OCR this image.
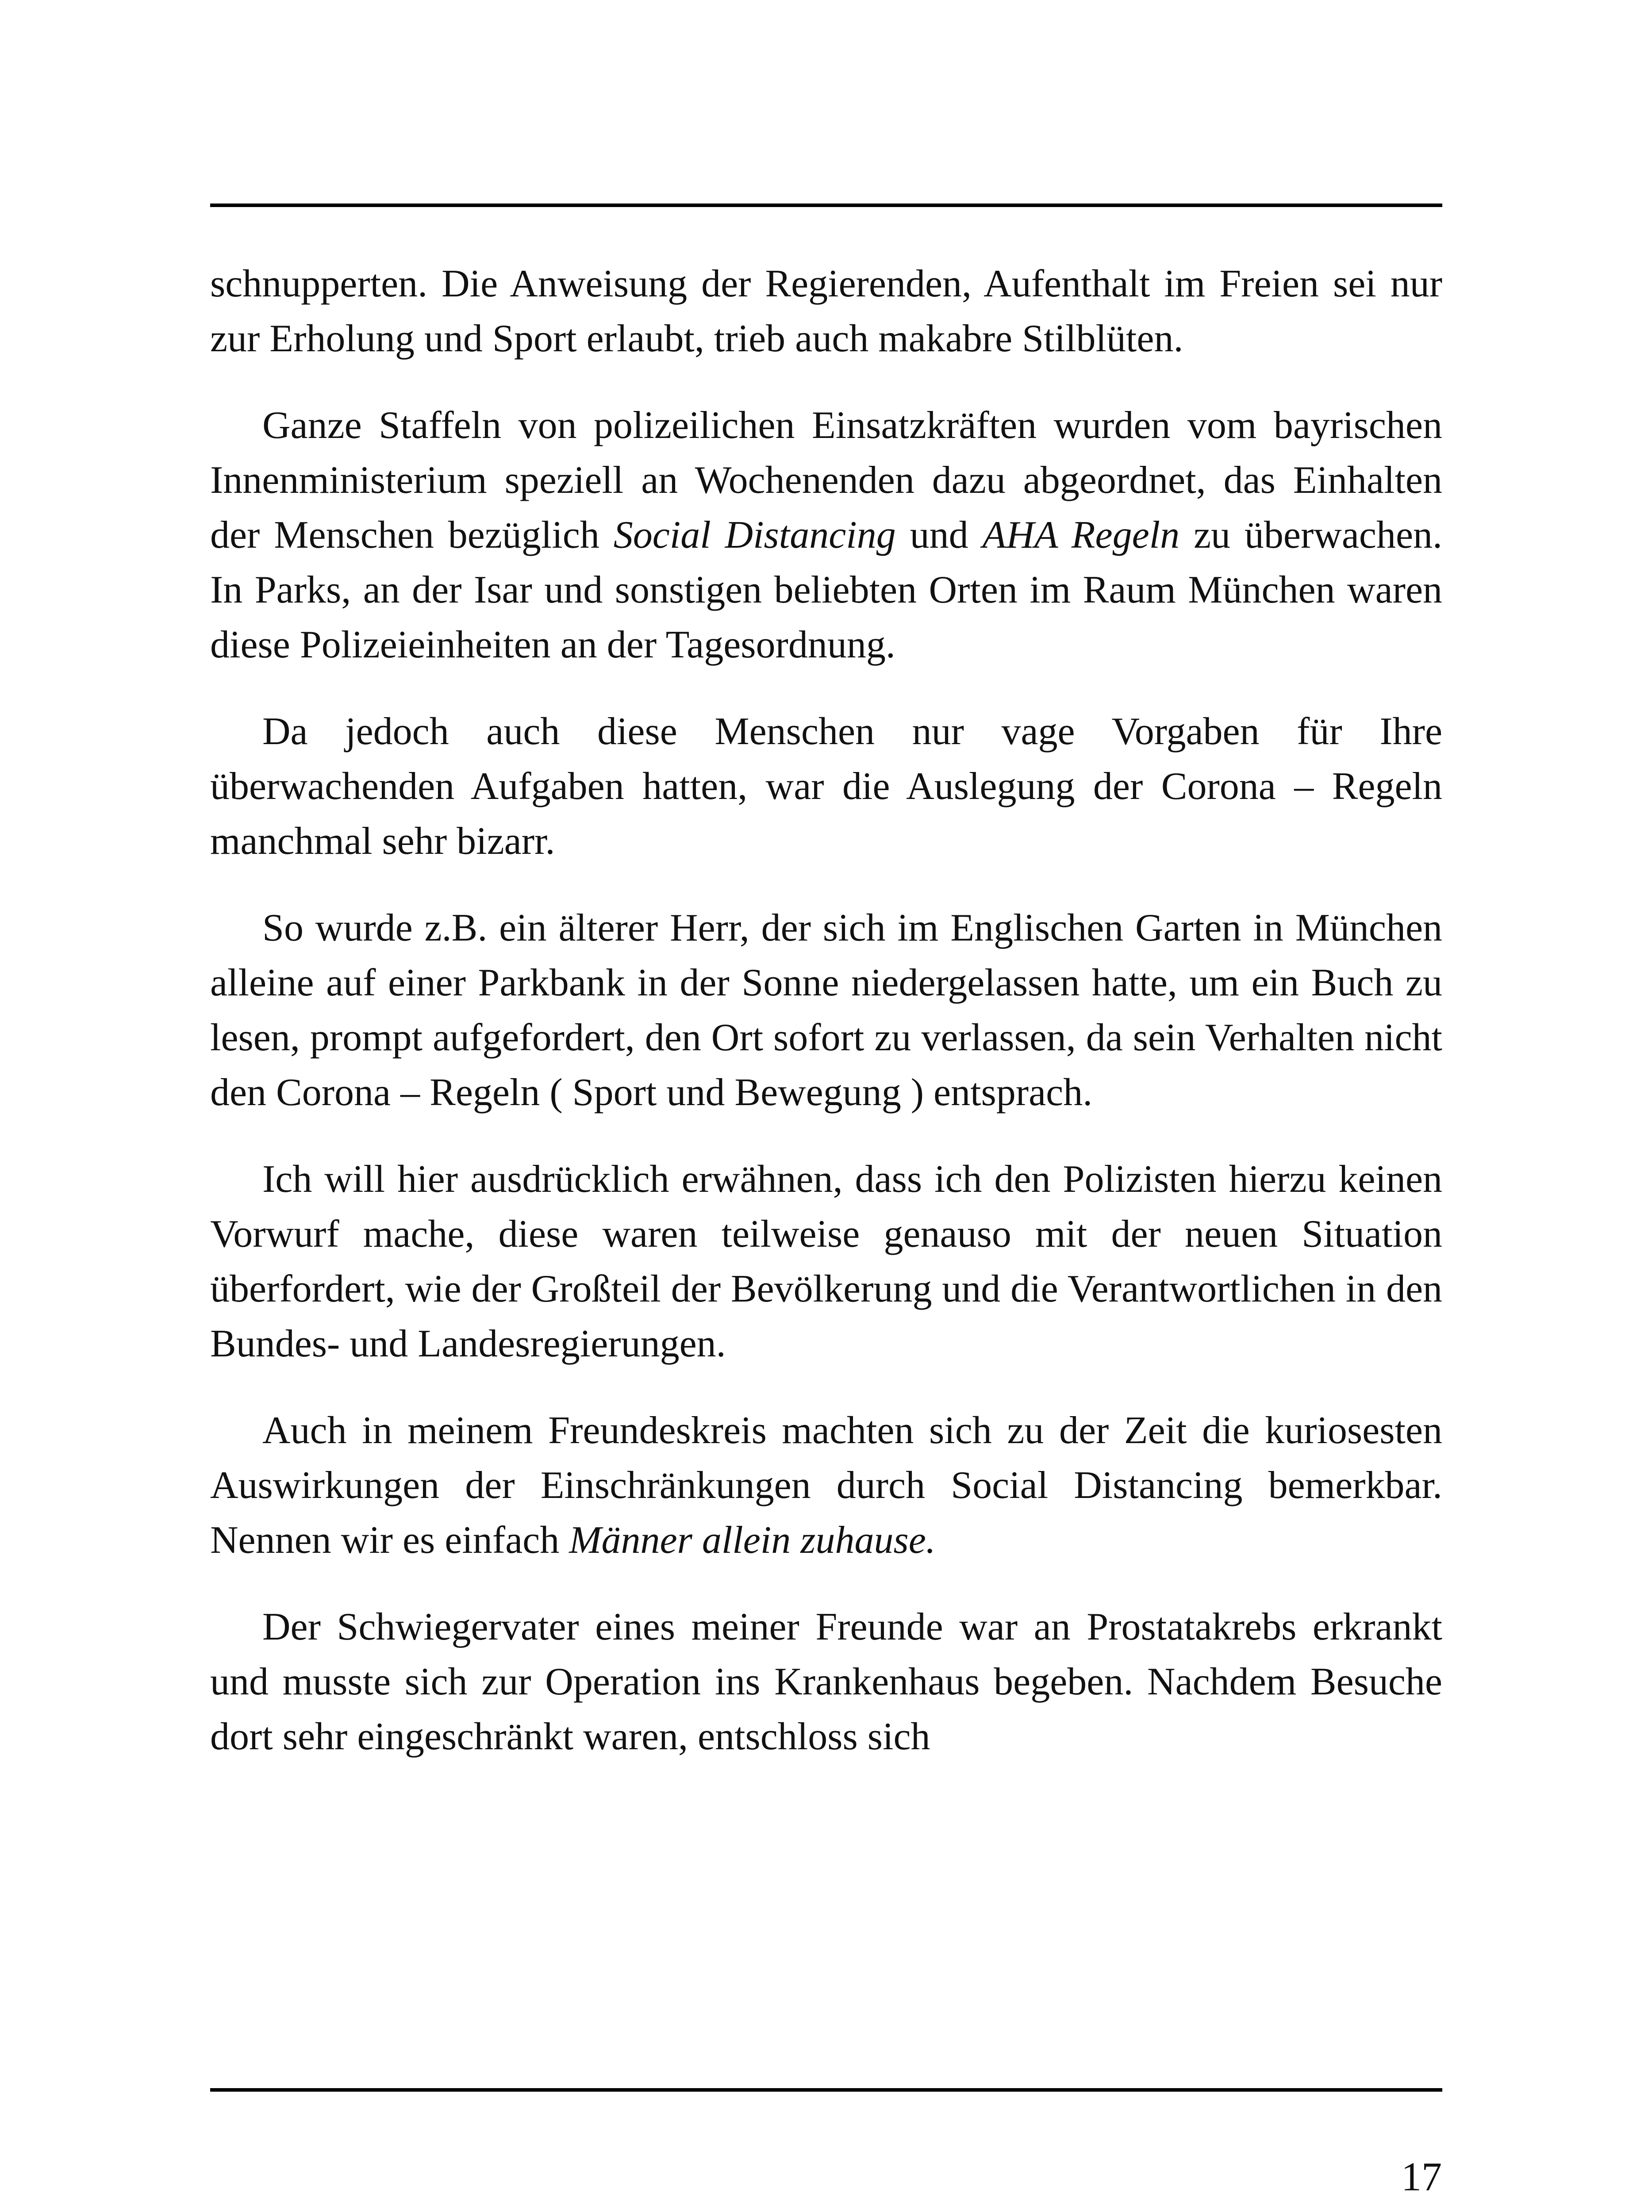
schnupperten. Die Anweisung der Regierenden, Aufenthalt im Freien sei nur zur Erholung und Sport erlaubt, trieb auch makabre Stilblüten.

Ganze Staffeln von polizeilichen Einsatzkräften wurden vom bayrischen Innenministerium speziell an Wochenenden dazu abgeordnet, das Einhalten der Menschen bezüglich Social Distancing und AHA Regeln zu überwachen. In Parks, an der Isar und sonstigen beliebten Orten im Raum München waren diese Polizeieinheiten an der Tagesordnung.

Da jedoch auch diese Menschen nur vage Vorgaben für Ihre überwachenden Aufgaben hatten, war die Auslegung der Corona – Regeln manchmal sehr bizarr.

So wurde z.B. ein älterer Herr, der sich im Englischen Garten in München alleine auf einer Parkbank in der Sonne niedergelassen hatte, um ein Buch zu lesen, prompt aufgefordert, den Ort sofort zu verlassen, da sein Verhalten nicht den Corona – Regeln ( Sport und Bewegung ) entsprach.

Ich will hier ausdrücklich erwähnen, dass ich den Polizisten hierzu keinen Vorwurf mache, diese waren teilweise genauso mit der neuen Situation überfordert, wie der Großteil der Bevölkerung und die Verantwortlichen in den Bundes- und Landesregierungen.

Auch in meinem Freundeskreis machten sich zu der Zeit die kuriosesten Auswirkungen der Einschränkungen durch Social Distancing bemerkbar. Nennen wir es einfach Männer allein zuhause.

Der Schwiegervater eines meiner Freunde war an Prostatakrebs erkrankt und musste sich zur Operation ins Krankenhaus begeben. Nachdem Besuche dort sehr eingeschränkt waren, entschloss sich

17
